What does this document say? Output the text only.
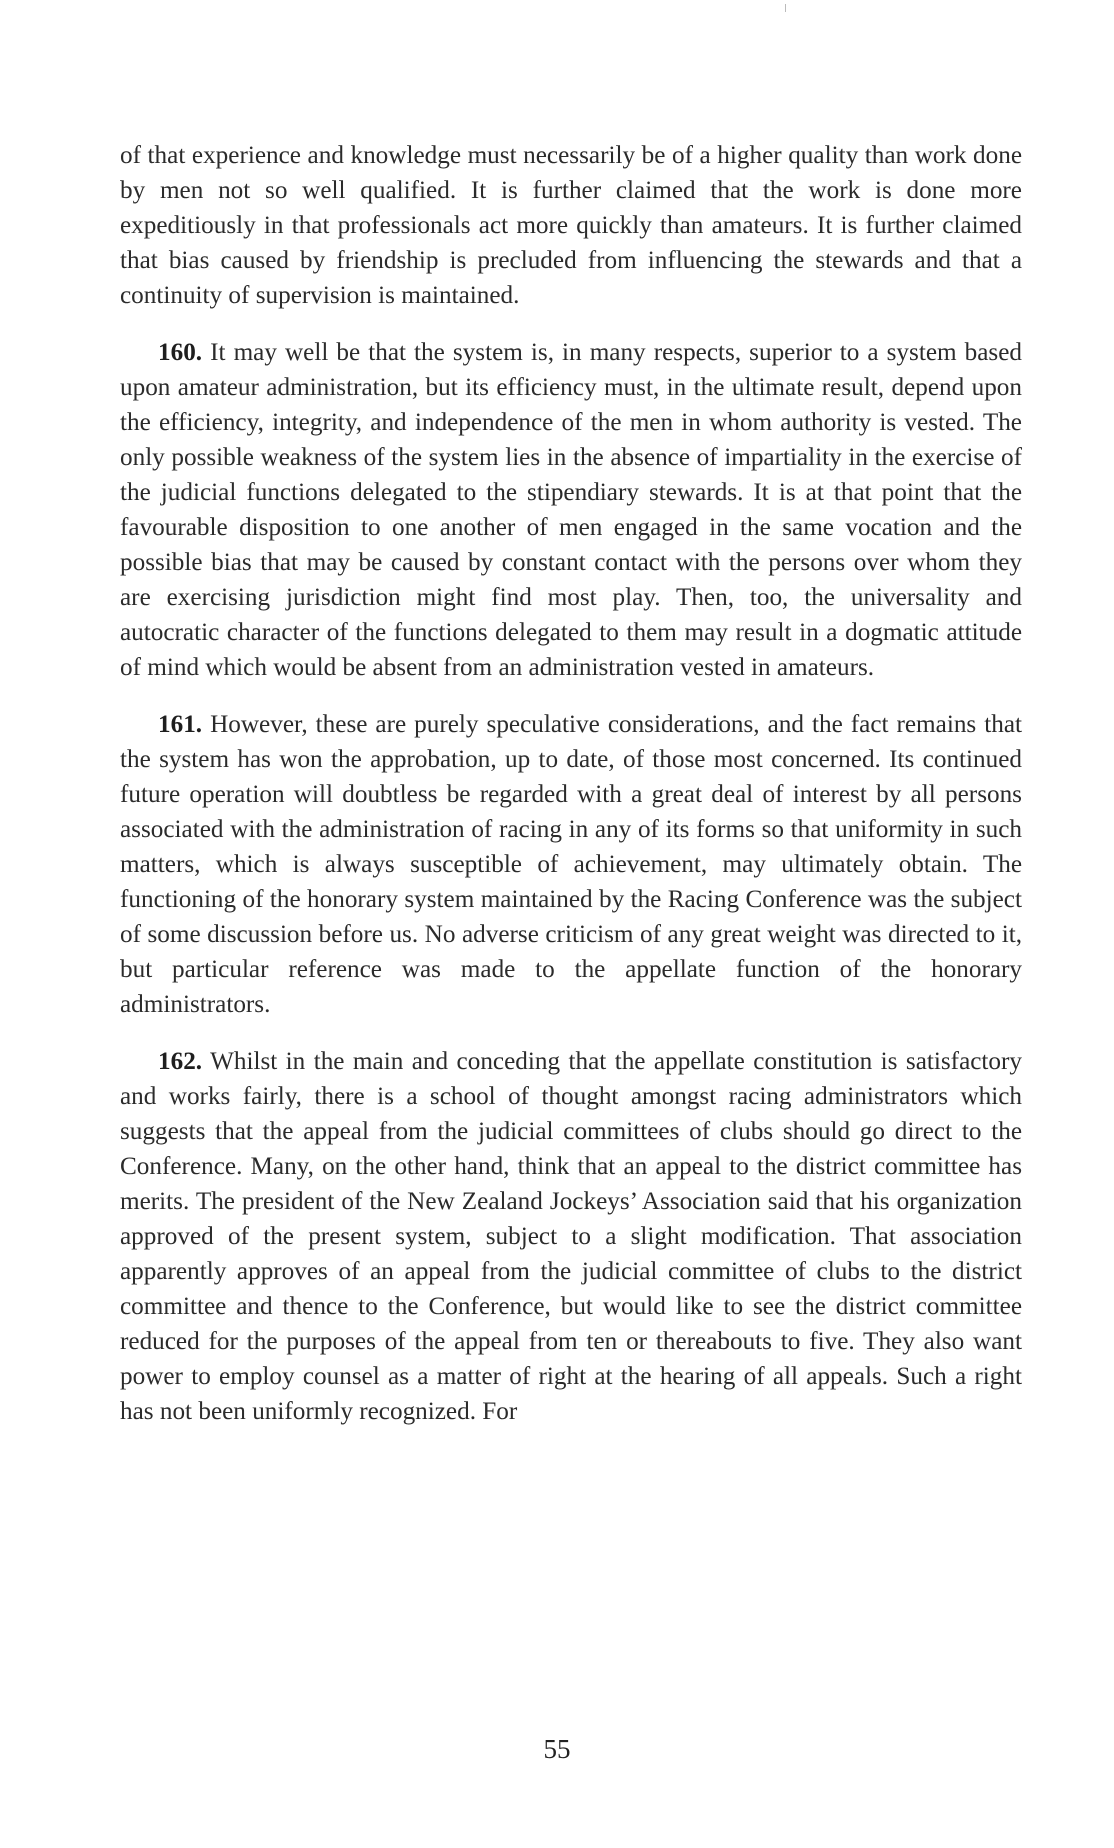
of that experience and knowledge must necessarily be of a higher quality than work done by men not so well qualified. It is further claimed that the work is done more expeditiously in that professionals act more quickly than amateurs. It is further claimed that bias caused by friendship is precluded from influencing the stewards and that a continuity of supervision is maintained.

160. It may well be that the system is, in many respects, superior to a system based upon amateur administration, but its efficiency must, in the ultimate result, depend upon the efficiency, integrity, and independence of the men in whom authority is vested. The only possible weakness of the system lies in the absence of impartiality in the exercise of the judicial functions delegated to the stipendiary stewards. It is at that point that the favourable disposition to one another of men engaged in the same vocation and the possible bias that may be caused by constant contact with the persons over whom they are exercising jurisdiction might find most play. Then, too, the universality and autocratic character of the functions delegated to them may result in a dogmatic attitude of mind which would be absent from an administration vested in amateurs.

161. However, these are purely speculative considerations, and the fact remains that the system has won the approbation, up to date, of those most concerned. Its continued future operation will doubtless be regarded with a great deal of interest by all persons associated with the administration of racing in any of its forms so that uniformity in such matters, which is always susceptible of achievement, may ultimately obtain. The functioning of the honorary system maintained by the Racing Conference was the subject of some discussion before us. No adverse criticism of any great weight was directed to it, but particular reference was made to the appellate function of the honorary administrators.

162. Whilst in the main and conceding that the appellate constitution is satisfactory and works fairly, there is a school of thought amongst racing administrators which suggests that the appeal from the judicial committees of clubs should go direct to the Conference. Many, on the other hand, think that an appeal to the district committee has merits. The president of the New Zealand Jockeys’ Association said that his organization approved of the present system, subject to a slight modification. That association apparently approves of an appeal from the judicial committee of clubs to the district committee and thence to the Conference, but would like to see the district committee reduced for the purposes of the appeal from ten or thereabouts to five. They also want power to employ counsel as a matter of right at the hearing of all appeals. Such a right has not been uniformly recognized. For

55
